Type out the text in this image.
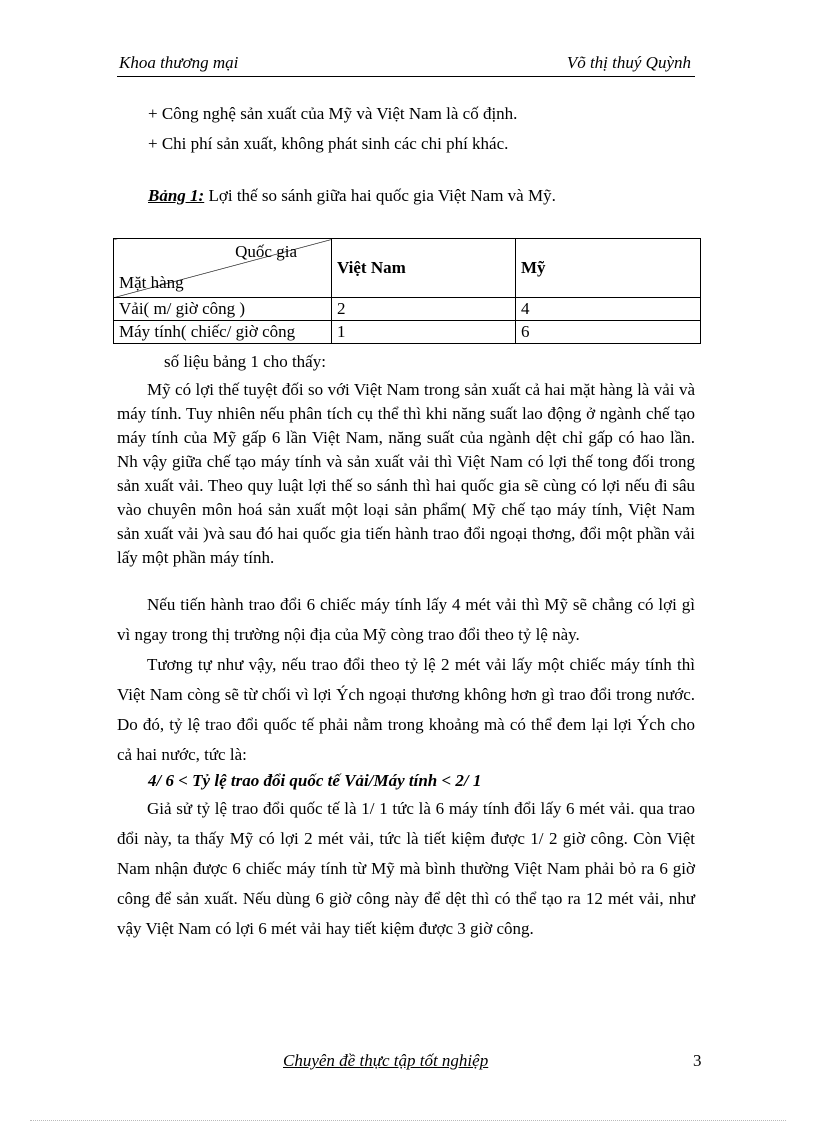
Khoa thương mại	Võ thị thuý Quỳnh
+ Công nghệ sản xuất của Mỹ và Việt Nam là cố định.
+ Chi phí sản xuất, không phát sinh các chi phí khác.
Bảng 1: Lợi thế so sánh giữa hai quốc gia Việt Nam và Mỹ.
Quốc gia
Mặt hàng	Việt Nam	Mỹ
Vải( m/ giờ công )	2	4
Máy tính( chiếc/ giờ công	1	6
số liệu bảng 1 cho thấy:

Mỹ có lợi thế tuyệt đối so với Việt Nam trong sản xuất cả hai mặt hàng là vải và máy tính. Tuy nhiên nếu phân tích cụ thể thì khi năng suất lao động ở ngành chế tạo máy tính của Mỹ gấp 6 lần Việt Nam, năng suất của ngành dệt chỉ gấp có hao lần. Nh vậy giữa chế tạo máy tính và sản xuất vải thì Việt Nam có lợi thế tong đối trong sản xuất vải. Theo quy luật lợi thế so sánh thì hai quốc gia sẽ cùng có lợi nếu đi sâu vào chuyên môn hoá sản xuất một loại sản phẩm( Mỹ chế tạo máy tính, Việt Nam sản xuất vải )và sau đó hai quốc gia tiến hành trao đổi ngoại thơng, đổi một phần vải lấy một phần máy tính.

Nếu tiến hành trao đổi 6 chiếc máy tính lấy 4 mét vải thì Mỹ sẽ chẳng có lợi gì vì ngay trong thị trường nội địa của Mỹ còng trao đổi theo tỷ lệ này.

Tương tự như vậy, nếu trao đổi theo tỷ lệ 2 mét vải lấy một chiếc máy tính thì Việt Nam còng sẽ từ chối vì lợi Ých ngoại thương không hơn gì trao đổi trong nước. Do đó, tỷ lệ trao đổi quốc tế phải nằm trong khoảng mà có thể đem lại lợi Ých cho cả hai nước, tức là:

4/ 6 < Tỷ lệ trao đổi quốc tế Vải/Máy tính < 2/ 1

Giả sử tỷ lệ trao đổi quốc tế là 1/ 1 tức là 6 máy tính đổi lấy 6 mét vải. qua trao đổi này, ta thấy Mỹ có lợi 2 mét vải, tức là tiết kiệm được 1/ 2 giờ công. Còn Việt Nam nhận được 6 chiếc máy tính từ Mỹ mà bình thường Việt Nam phải bỏ ra 6 giờ công để sản xuất. Nếu dùng 6 giờ công này để dệt thì có thể tạo ra 12 mét vải, như vậy Việt Nam có lợi 6 mét vải hay tiết kiệm được 3 giờ công.

Chuyên đề thực tập tốt nghiệp	3
